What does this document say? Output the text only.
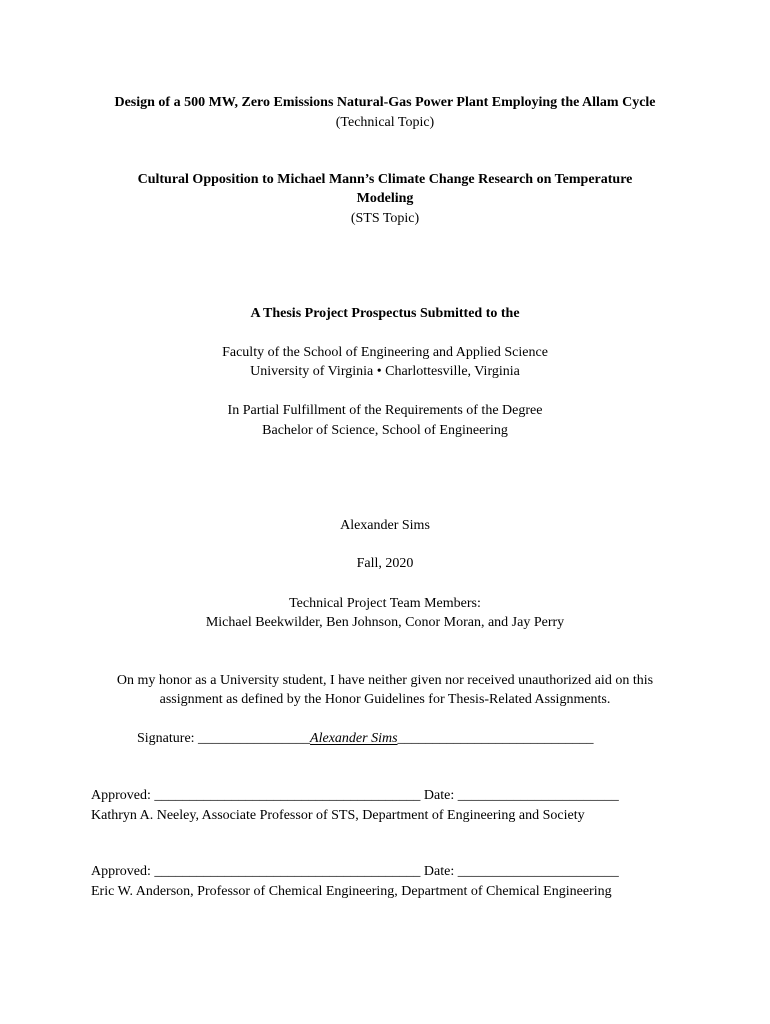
Design of a 500 MW, Zero Emissions Natural-Gas Power Plant Employing the Allam Cycle
(Technical Topic)
Cultural Opposition to Michael Mann’s Climate Change Research on Temperature
Modeling
(STS Topic)
A Thesis Project Prospectus Submitted to the
Faculty of the School of Engineering and Applied Science
University of Virginia • Charlottesville, Virginia
In Partial Fulfillment of the Requirements of the Degree
Bachelor of Science, School of Engineering
Alexander Sims
Fall, 2020
Technical Project Team Members:
Michael Beekwilder, Ben Johnson, Conor Moran, and Jay Perry
On my honor as a University student, I have neither given nor received unauthorized aid on this
assignment as defined by the Honor Guidelines for Thesis-Related Assignments.
Signature: ________________Alexander Sims____________________________
Approved: ______________________________________ Date: _______________________
Kathryn A. Neeley, Associate Professor of STS, Department of Engineering and Society
Approved: ______________________________________ Date: _______________________
Eric W. Anderson, Professor of Chemical Engineering, Department of Chemical Engineering
